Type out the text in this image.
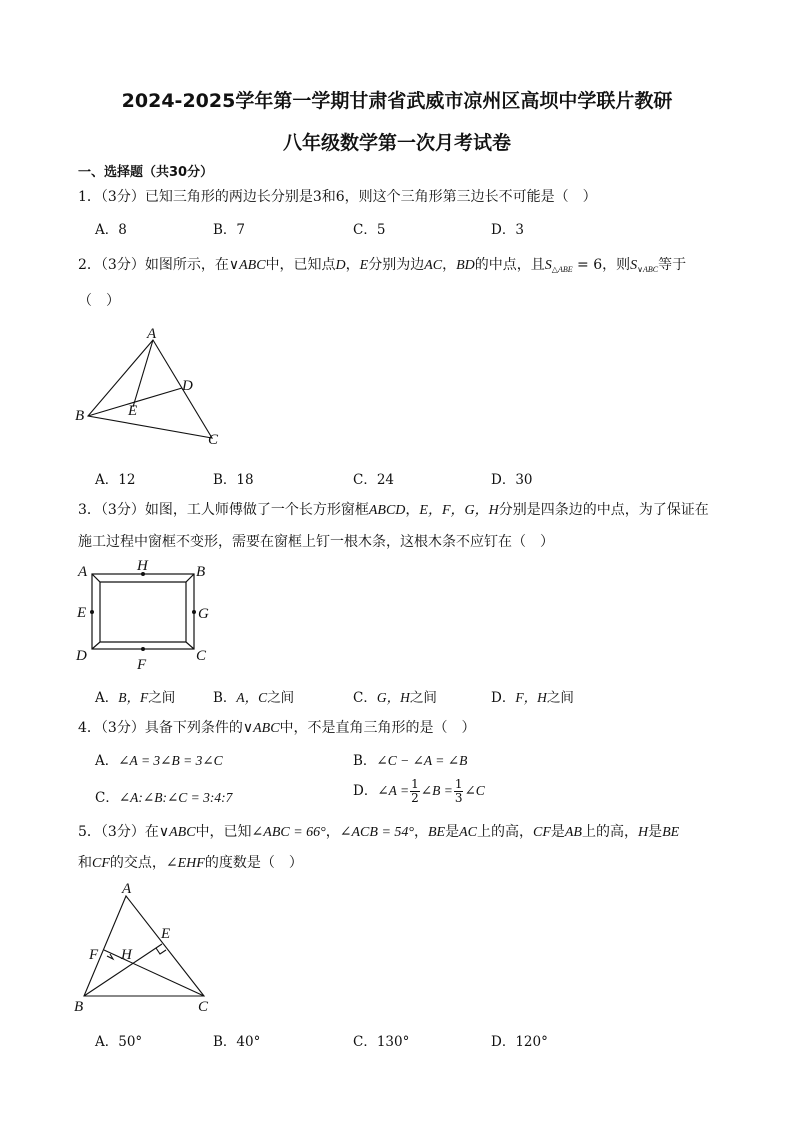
2024-2025学年第一学期甘肃省武威市凉州区高坝中学联片教研
八年级数学第一次月考试卷
一、选择题（共30分）
1．（3分）已知三角形的两边长分别是3和6，则这个三角形第三边长不可能是（　）
A．8	B．7	C．5	D．3
2．（3分）如图所示，在∨ABC中，已知点D，E分别为边AC，BD的中点，且$S_{\triangle ABE} = 6$，则$S_{\vee ABC}$等于
（　）
A
B
C
D
E
A．12	B．18	C．24	D．30
3．（3分）如图，工人师傅做了一个长方形窗框ABCD，E，F，G，H分别是四条边的中点，为了保证在
施工过程中窗框不变形，需要在窗框上钉一根木条，这根木条不应钉在（　）
A	B
C
D
E
F
G
H
A．B，F之间	B．A，C之间	C．G，H之间	D．F，H之间
4．（3分）具备下列条件的∨ABC中，不是直角三角形的是（　）
A．∠A = 3∠B = 3∠C	B．∠C − ∠A = ∠B
C．∠A:∠B:∠C = 3:4:7	D．∠A = $\frac{1}{2}$ ∠B = $\frac{1}{3}$ ∠C
5．（3分）在∨ABC中，已知∠ABC = 66°，∠ACB = 54°，BE是AC上的高，CF是AB上的高，H是BE
和CF的交点，∠EHF的度数是（　）
A
B	C
E
F H
A．50°	B．40°	C．130°	D．120°
